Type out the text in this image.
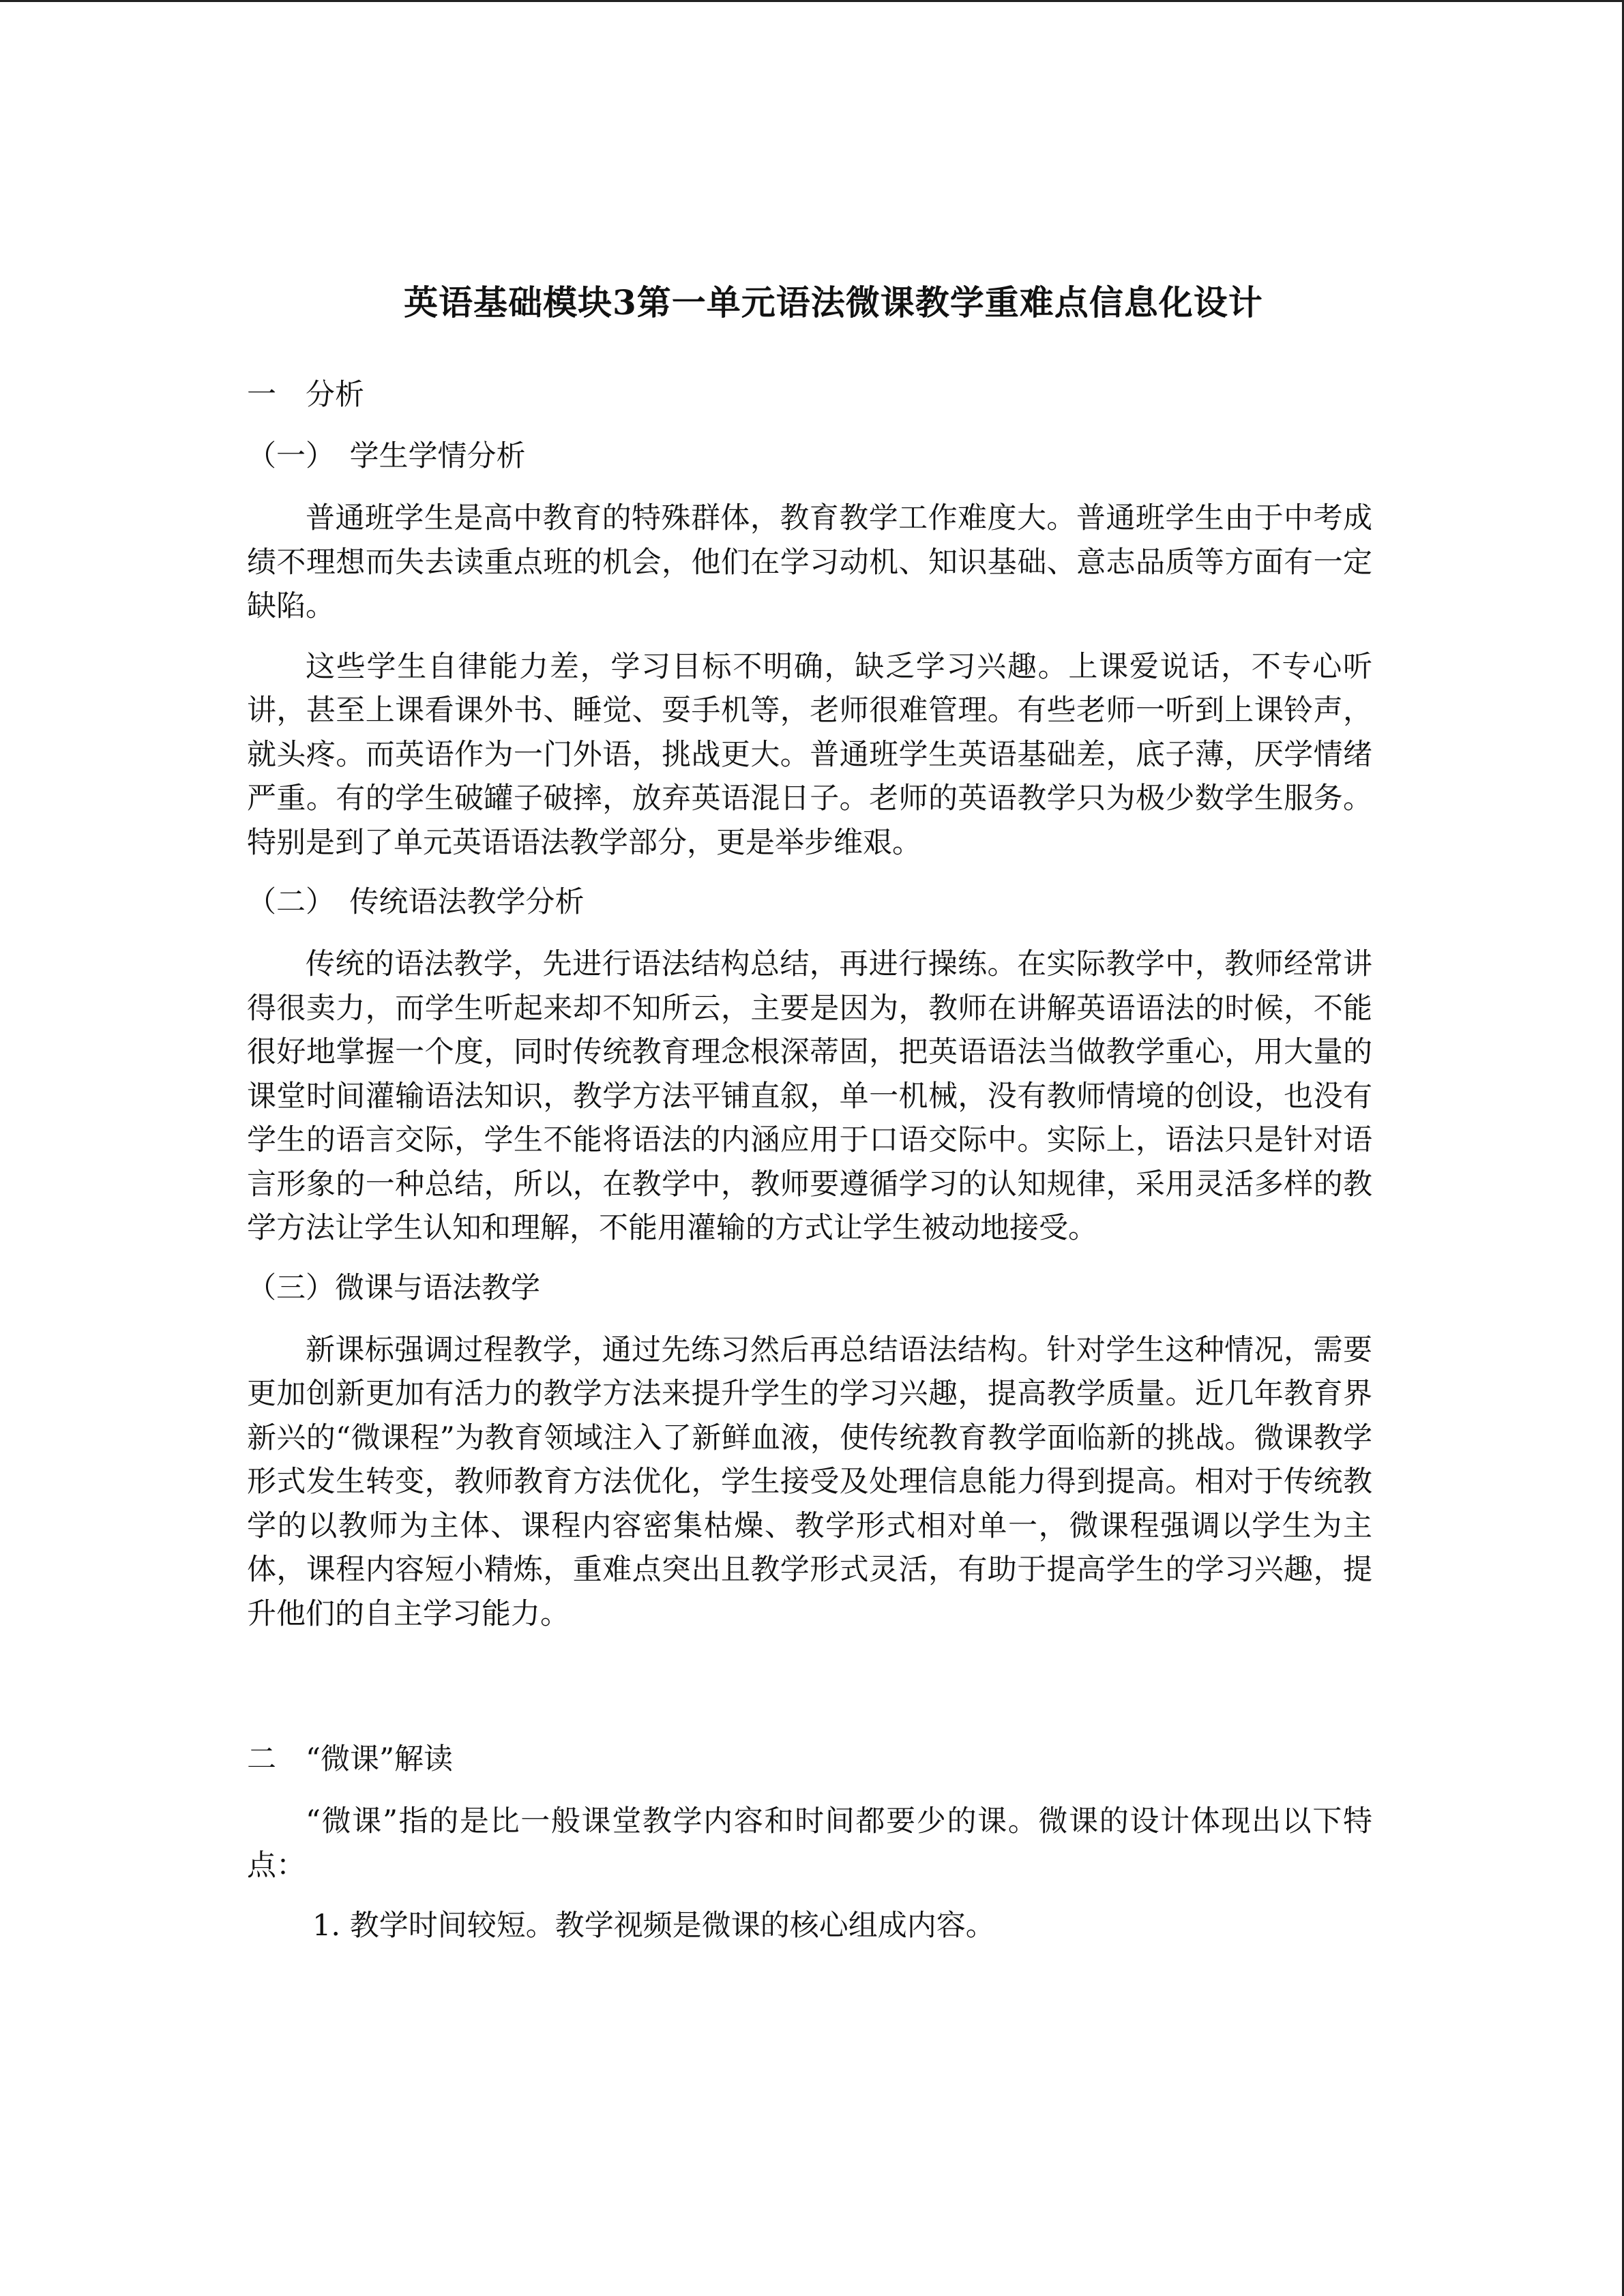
英语基础模块3第一单元语法微课教学重难点信息化设计
一　分析
（一）　学生学情分析

普通班学生是高中教育的特殊群体，教育教学工作难度大。普通班学生由于中考成绩不理想而失去读重点班的机会，他们在学习动机、知识基础、意志品质等方面有一定缺陷。

这些学生自律能力差，学习目标不明确，缺乏学习兴趣。上课爱说话，不专心听讲，甚至上课看课外书、睡觉、耍手机等，老师很难管理。有些老师一听到上课铃声，就头疼。而英语作为一门外语，挑战更大。普通班学生英语基础差，底子薄，厌学情绪严重。有的学生破罐子破摔，放弃英语混日子。老师的英语教学只为极少数学生服务。特别是到了单元英语语法教学部分，更是举步维艰。

（二）　传统语法教学分析

传统的语法教学，先进行语法结构总结，再进行操练。在实际教学中，教师经常讲得很卖力，而学生听起来却不知所云，主要是因为，教师在讲解英语语法的时候，不能很好地掌握一个度，同时传统教育理念根深蒂固，把英语语法当做教学重心，用大量的课堂时间灌输语法知识，教学方法平铺直叙，单一机械，没有教师情境的创设，也没有学生的语言交际，学生不能将语法的内涵应用于口语交际中。实际上，语法只是针对语言形象的一种总结，所以，在教学中，教师要遵循学习的认知规律，采用灵活多样的教学方法让学生认知和理解，不能用灌输的方式让学生被动地接受。

（三）微课与语法教学

新课标强调过程教学，通过先练习然后再总结语法结构。针对学生这种情况，需要更加创新更加有活力的教学方法来提升学生的学习兴趣，提高教学质量。近几年教育界新兴的“微课程”为教育领域注入了新鲜血液，使传统教育教学面临新的挑战。微课教学形式发生转变，教师教育方法优化，学生接受及处理信息能力得到提高。相对于传统教学的以教师为主体、课程内容密集枯燥、教学形式相对单一，微课程强调以学生为主体，课程内容短小精炼，重难点突出且教学形式灵活，有助于提高学生的学习兴趣，提升他们的自主学习能力。

二　“微课”解读

“微课”指的是比一般课堂教学内容和时间都要少的课。微课的设计体现出以下特点：

1. 教学时间较短。教学视频是微课的核心组成内容。
